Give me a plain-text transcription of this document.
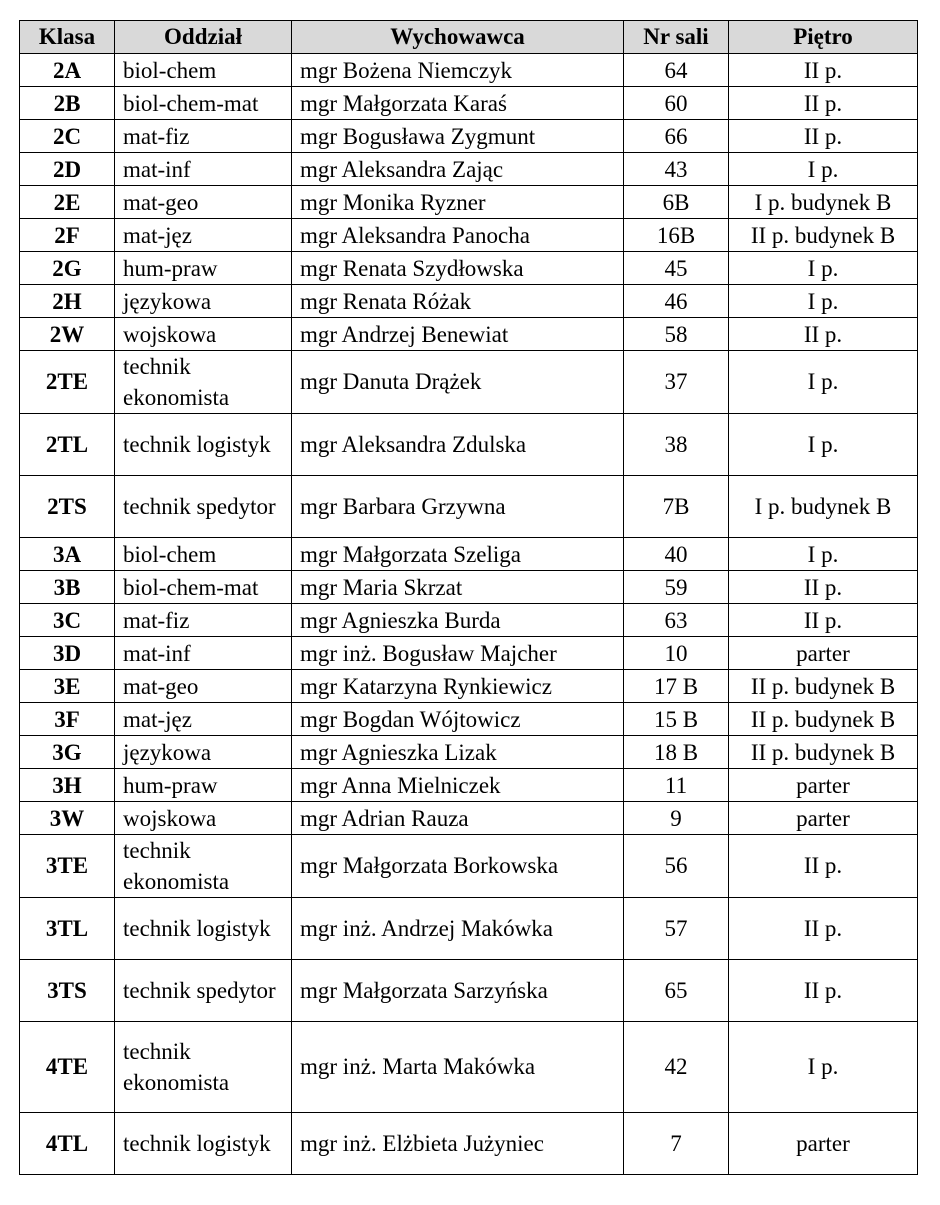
Klasa	Oddział	Wychowawca	Nr sali	Piętro
2A	biol-chem	mgr Bożena Niemczyk	64	II p.
2B	biol-chem-mat	mgr Małgorzata Karaś	60	II p.
2C	mat-fiz	mgr Bogusława Zygmunt	66	II p.
2D	mat-inf	mgr Aleksandra Zając	43	I p.
2E	mat-geo	mgr Monika Ryzner	6B	I p. budynek B
2F	mat-jęz	mgr Aleksandra Panocha	16B	II p. budynek B
2G	hum-praw	mgr Renata Szydłowska	45	I p.
2H	językowa	mgr Renata Różak	46	I p.
2W	wojskowa	mgr Andrzej Benewiat	58	II p.
2TE	technik ekonomista	mgr Danuta Drążek	37	I p.
2TL	technik logistyk	mgr Aleksandra Zdulska	38	I p.
2TS	technik spedytor	mgr Barbara Grzywna	7B	I p. budynek B
3A	biol-chem	mgr Małgorzata Szeliga	40	I p.
3B	biol-chem-mat	mgr Maria Skrzat	59	II p.
3C	mat-fiz	mgr Agnieszka Burda	63	II p.
3D	mat-inf	mgr inż. Bogusław Majcher	10	parter
3E	mat-geo	mgr Katarzyna Rynkiewicz	17 B	II p. budynek B
3F	mat-jęz	mgr Bogdan Wójtowicz	15 B	II p. budynek B
3G	językowa	mgr Agnieszka Lizak	18 B	II p. budynek B
3H	hum-praw	mgr Anna Mielniczek	11	parter
3W	wojskowa	mgr Adrian Rauza	9	parter
3TE	technik ekonomista	mgr Małgorzata Borkowska	56	II p.
3TL	technik logistyk	mgr inż. Andrzej Makówka	57	II p.
3TS	technik spedytor	mgr Małgorzata Sarzyńska	65	II p.
4TE	technik ekonomista	mgr inż. Marta Makówka	42	I p.
4TL	technik logistyk	mgr inż. Elżbieta Jużyniec	7	parter
